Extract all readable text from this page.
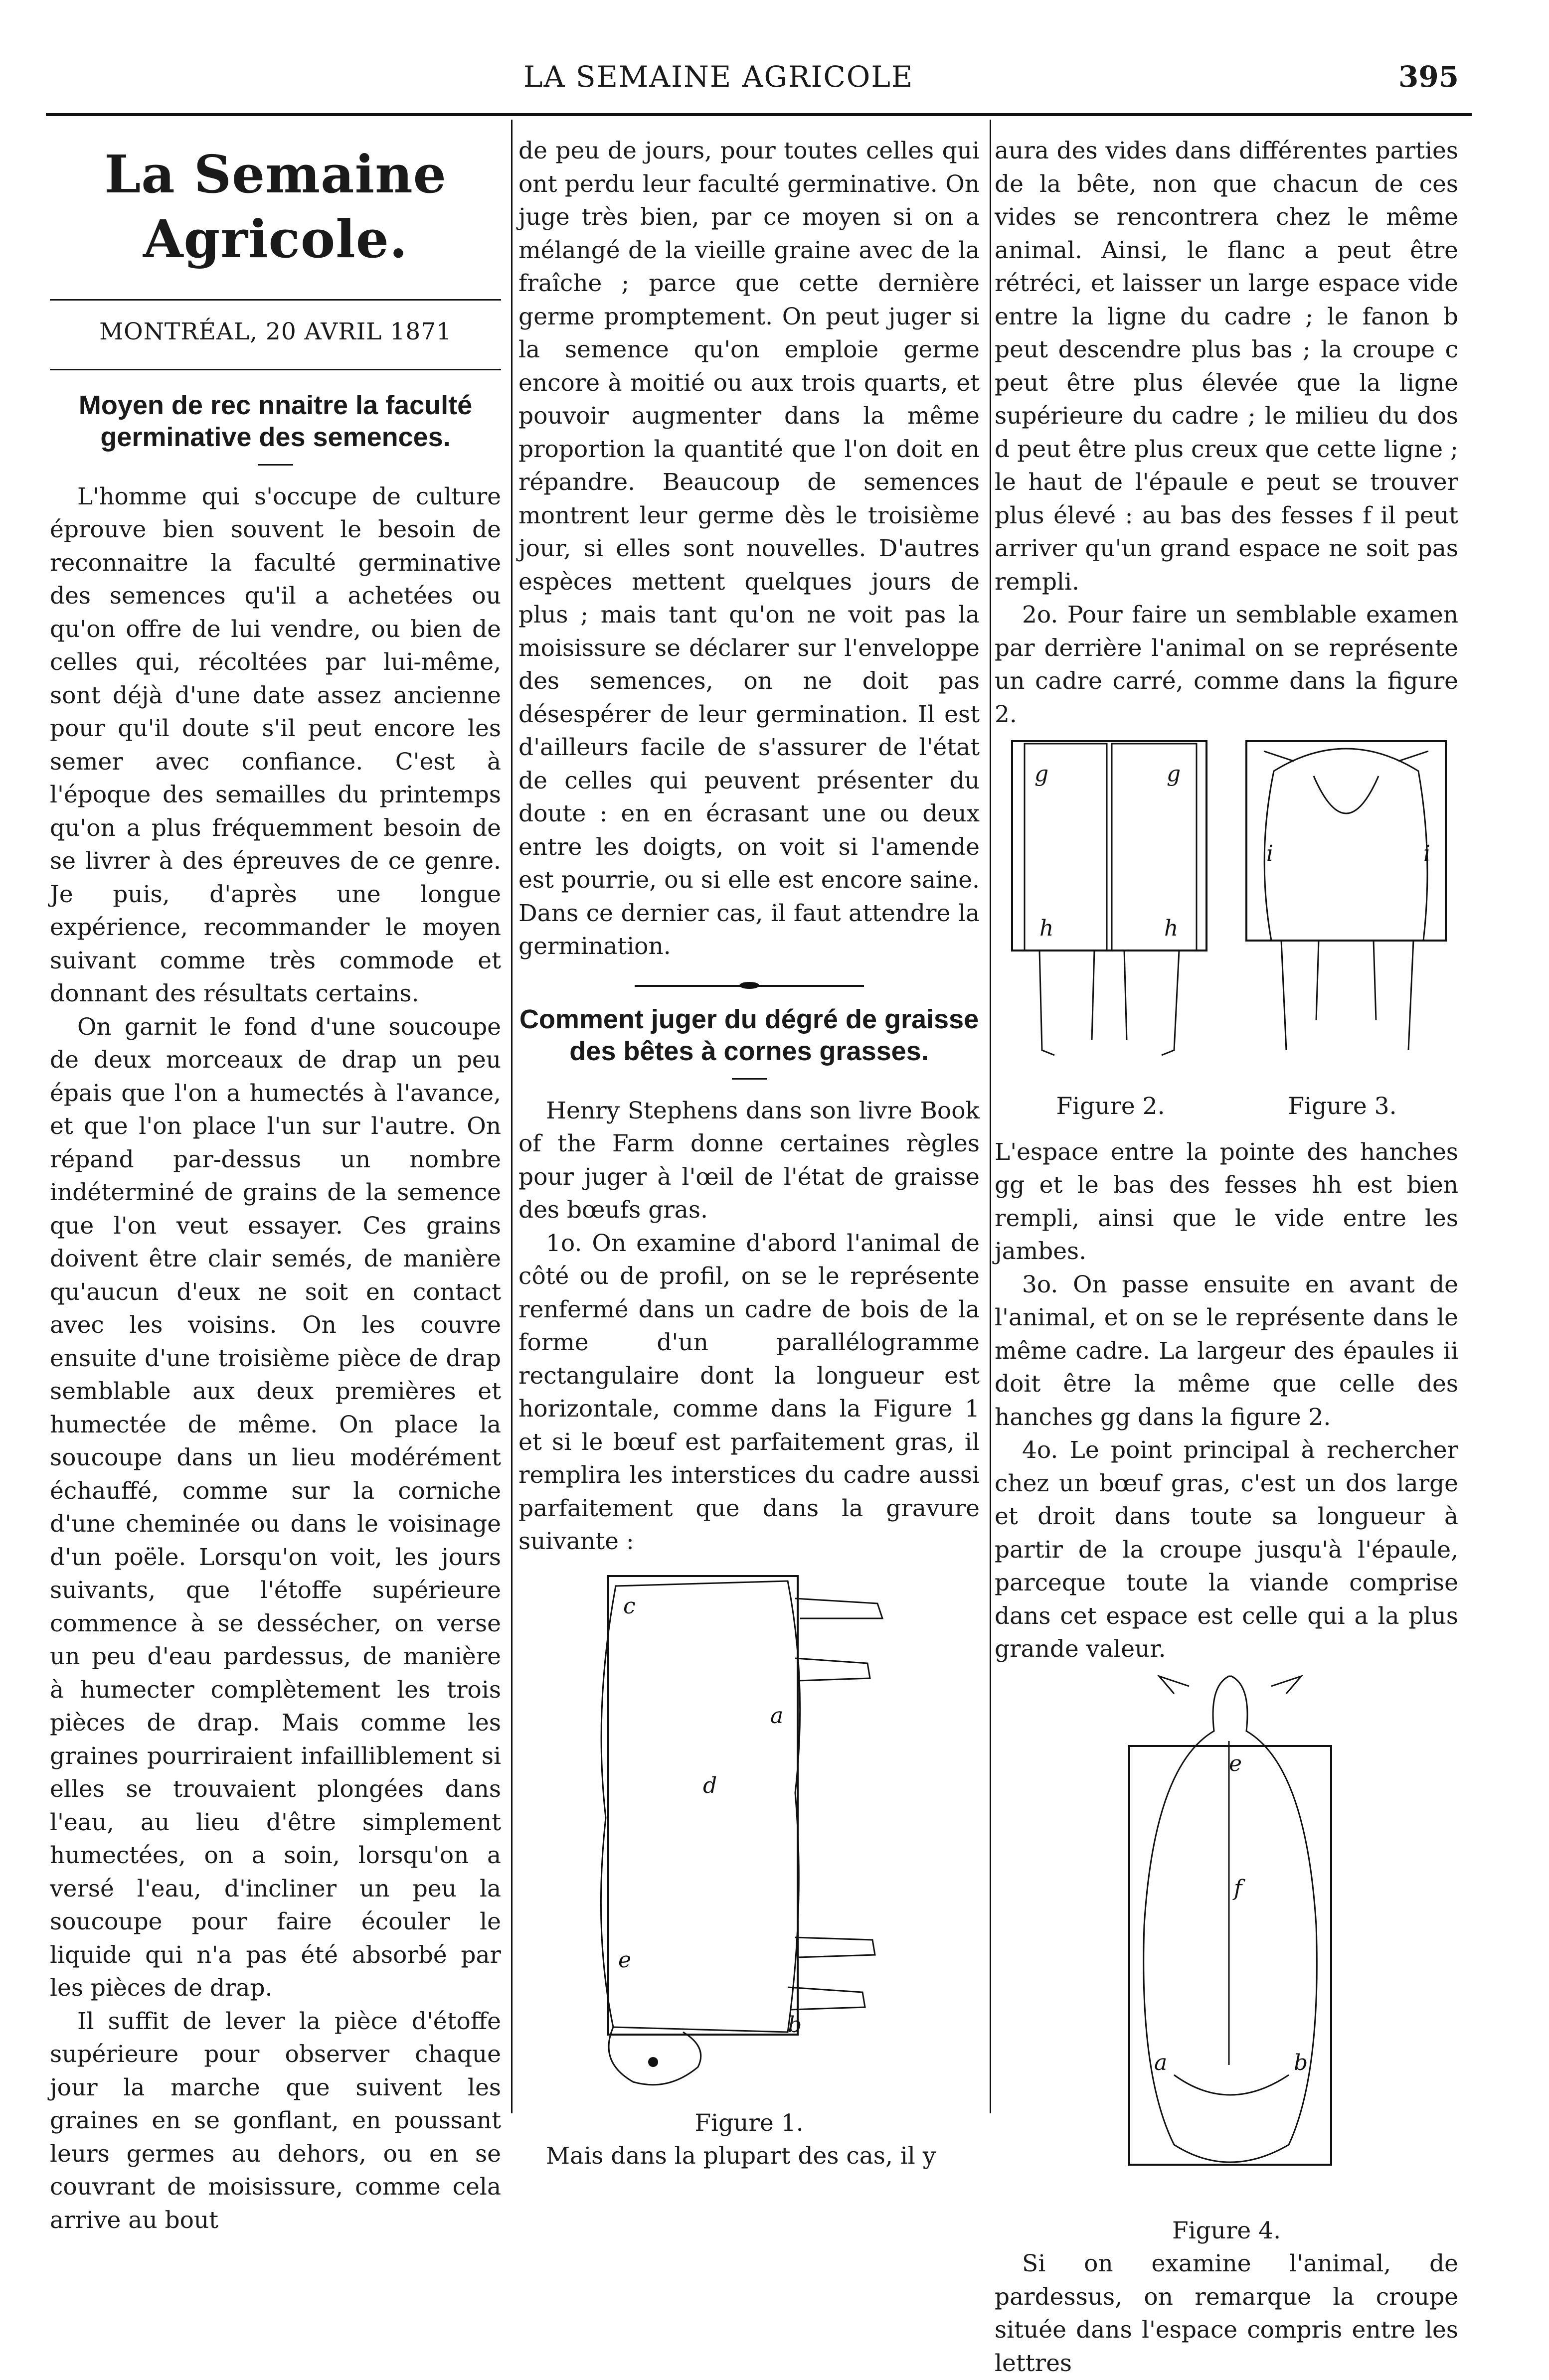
LA SEMAINE AGRICOLE	395
La Semaine Agricole.
MONTRÉAL, 20 AVRIL 1871
Moyen de rec nnaitre la faculté germinative des semences.

L'homme qui s'occupe de culture éprouve bien souvent le besoin de reconnaitre la faculté germinative des semences qu'il a achetées ou qu'on offre de lui vendre, ou bien de celles qui, récoltées par lui-même, sont déjà d'une date assez ancienne pour qu'il doute s'il peut encore les semer avec confiance. C'est à l'époque des semailles du printemps qu'on a plus fréquemment besoin de se livrer à des épreuves de ce genre. Je puis, d'après une longue expérience, recommander le moyen suivant comme très commode et donnant des résultats certains.

On garnit le fond d'une soucoupe de deux morceaux de drap un peu épais que l'on a humectés à l'avance, et que l'on place l'un sur l'autre. On répand par-dessus un nombre indéterminé de grains de la semence que l'on veut essayer. Ces grains doivent être clair semés, de manière qu'aucun d'eux ne soit en contact avec les voisins. On les couvre ensuite d'une troisième pièce de drap semblable aux deux premières et humectée de même. On place la soucoupe dans un lieu modérément échauffé, comme sur la corniche d'une cheminée ou dans le voisinage d'un poële. Lorsqu'on voit, les jours suivants, que l'étoffe supérieure commence à se dessécher, on verse un peu d'eau pardessus, de manière à humecter complètement les trois pièces de drap. Mais comme les graines pourriraient infailliblement si elles se trouvaient plongées dans l'eau, au lieu d'être simplement humectées, on a soin, lorsqu'on a versé l'eau, d'incliner un peu la soucoupe pour faire écouler le liquide qui n'a pas été absorbé par les pièces de drap.

Il suffit de lever la pièce d'étoffe supérieure pour observer chaque jour la marche que suivent les graines en se gonflant, en poussant leurs germes au dehors, ou en se couvrant de moisissure, comme cela arrive au bout

de peu de jours, pour toutes celles qui ont perdu leur faculté germinative. On juge très bien, par ce moyen si on a mélangé de la vieille graine avec de la fraîche ; parce que cette dernière germe promptement. On peut juger si la semence qu'on emploie germe encore à moitié ou aux trois quarts, et pouvoir augmenter dans la même proportion la quantité que l'on doit en répandre. Beaucoup de semences montrent leur germe dès le troisième jour, si elles sont nouvelles. D'autres espèces mettent quelques jours de plus ; mais tant qu'on ne voit pas la moisissure se déclarer sur l'enveloppe des semences, on ne doit pas désespérer de leur germination. Il est d'ailleurs facile de s'assurer de l'état de celles qui peuvent présenter du doute : en en écrasant une ou deux entre les doigts, on voit si l'amende est pourrie, ou si elle est encore saine. Dans ce dernier cas, il faut attendre la germination.

Comment juger du dégré de graisse des bêtes à cornes grasses.

Henry Stephens dans son livre Book of the Farm donne certaines règles pour juger à l'œil de l'état de graisse des bœufs gras.

1o. On examine d'abord l'animal de côté ou de profil, on se le représente renfermé dans un cadre de bois de la forme d'un parallélogramme rectangulaire dont la longueur est horizontale, comme dans la Figure 1 et si le bœuf est parfaitement gras, il remplira les interstices du cadre aussi parfaitement que dans la gravure suivante :

c
a
d
e
b
Figure 1.

Mais dans la plupart des cas, il y

aura des vides dans différentes parties de la bête, non que chacun de ces vides se rencontrera chez le même animal. Ainsi, le flanc a peut être rétréci, et laisser un large espace vide entre la ligne du cadre ; le fanon b peut descendre plus bas ; la croupe c peut être plus élevée que la ligne supérieure du cadre ; le milieu du dos d peut être plus creux que cette ligne ; le haut de l'épaule e peut se trouver plus élevé : au bas des fesses f il peut arriver qu'un grand espace ne soit pas rempli.

2o. Pour faire un semblable examen par derrière l'animal on se représente un cadre carré, comme dans la figure 2.

g	g
h	h
i	i
Figure 2.	Figure 3.

L'espace entre la pointe des hanches gg et le bas des fesses hh est bien rempli, ainsi que le vide entre les jambes.

3o. On passe ensuite en avant de l'animal, et on se le représente dans le même cadre. La largeur des épaules ii doit être la même que celle des hanches gg dans la figure 2.

4o. Le point principal à rechercher chez un bœuf gras, c'est un dos large et droit dans toute sa longueur à partir de la croupe jusqu'à l'épaule, parceque toute la viande comprise dans cet espace est celle qui a la plus grande valeur.

e
f
a	b
Figure 4.

Si on examine l'animal, de pardessus, on remarque la croupe située dans l'espace compris entre les lettres
